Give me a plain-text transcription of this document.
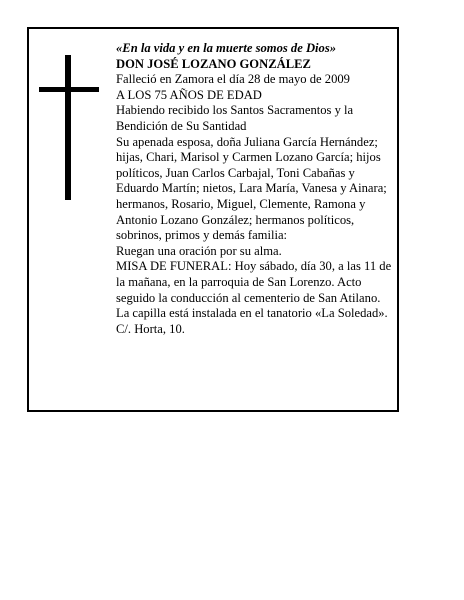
«En la vida y en la muerte somos de Dios»
DON JOSÉ LOZANO GONZÁLEZ
Falleció en Zamora el día 28 de mayo de 2009
A LOS 75 AÑOS DE EDAD
Habiendo recibido los Santos Sacramentos y la
Bendición de Su Santidad
Su apenada esposa, doña Juliana García Hernández;
hijas, Chari, Marisol y Carmen Lozano García; hijos
políticos, Juan Carlos Carbajal, Toni Cabañas y
Eduardo Martín; nietos, Lara María, Vanesa y Ainara;
hermanos, Rosario, Miguel, Clemente, Ramona y
Antonio Lozano González; hermanos políticos,
sobrinos, primos y demás familia:
Ruegan una oración por su alma.
MISA DE FUNERAL: Hoy sábado, día 30, a las 11 de
la mañana, en la parroquia de San Lorenzo. Acto
seguido la conducción al cementerio de San Atilano.
La capilla está instalada en el tanatorio «La Soledad».
C/. Horta, 10.
